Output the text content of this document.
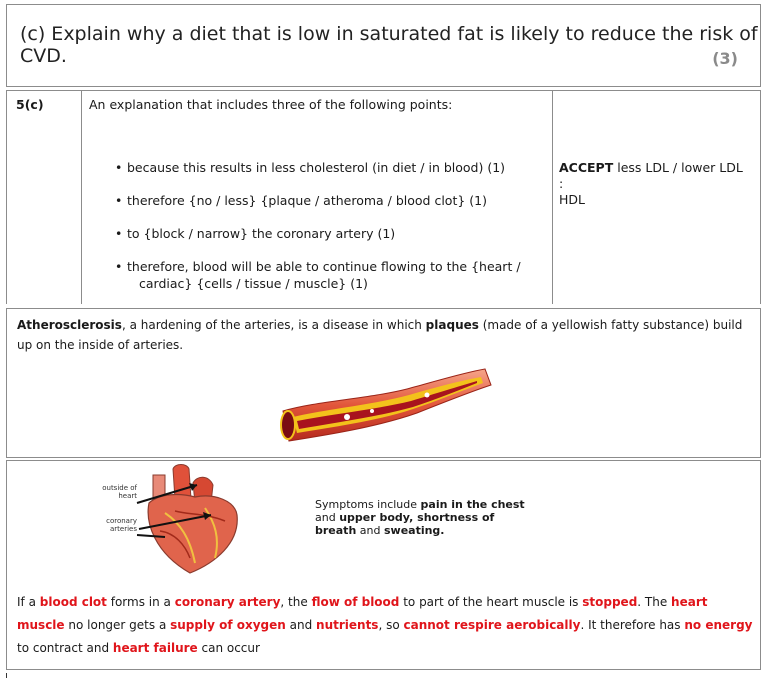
(c) Explain why a diet that is low in saturated fat is likely to reduce the risk of CVD.	(3)
5(c)	An explanation that includes three of the following points:
• because this results in less cholesterol (in diet / in blood) (1)
• therefore {no / less} {plaque / atheroma / blood clot} (1)
• to {block / narrow} the coronary artery (1)
• therefore, blood will be able to continue flowing to the {heart /
cardiac} {cells / tissue / muscle} (1)
ACCEPT less LDL / lower LDL :
HDL
Atherosclerosis, a hardening of the arteries, is a disease in which plaques (made of a yellowish fatty substance) build up on the inside of arteries.
outside of
heart
coronary
arteries
Symptoms include pain in the chest and upper body, shortness of breath and sweating.
If a blood clot forms in a coronary artery, the flow of blood to part of the heart muscle is stopped. The heart muscle no longer gets a supply of oxygen and nutrients, so cannot respire aerobically. It therefore has no energy to contract and heart failure can occur
